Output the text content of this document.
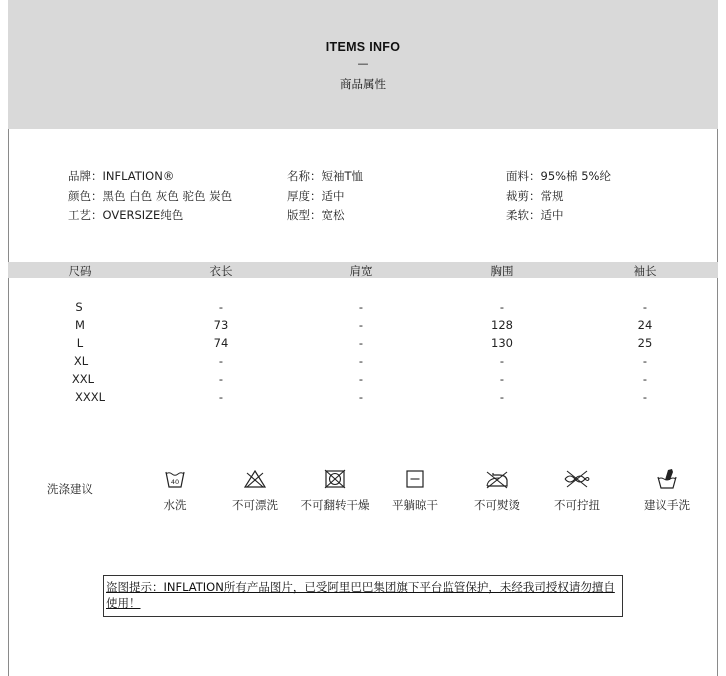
ITEMS INFO
—
商品属性
品牌：INFLATION®
颜色：黑色 白色 灰色 驼色 炭色
工艺：OVERSIZE纯色
名称：短袖T恤
厚度：适中
版型：宽松
面料：95%棉 5%纶
裁剪：常规
柔软：适中
尺码	衣长	肩宽	胸围	袖长
S	-	-	-	-
M	73	-	128	24
L	74	-	130	25
XL	-	-	-	-
XXL	-	-	-	-
XXXL	-	-	-	-
洗涤建议	40
水洗	不可漂洗	不可翻转干燥	平躺晾干	不可熨烫	不可拧扭	建议手洗
盗图提示：INFLATION所有产品图片，已受阿里巴巴集团旗下平台监管保护，未经我司授权请勿擅自使用！
